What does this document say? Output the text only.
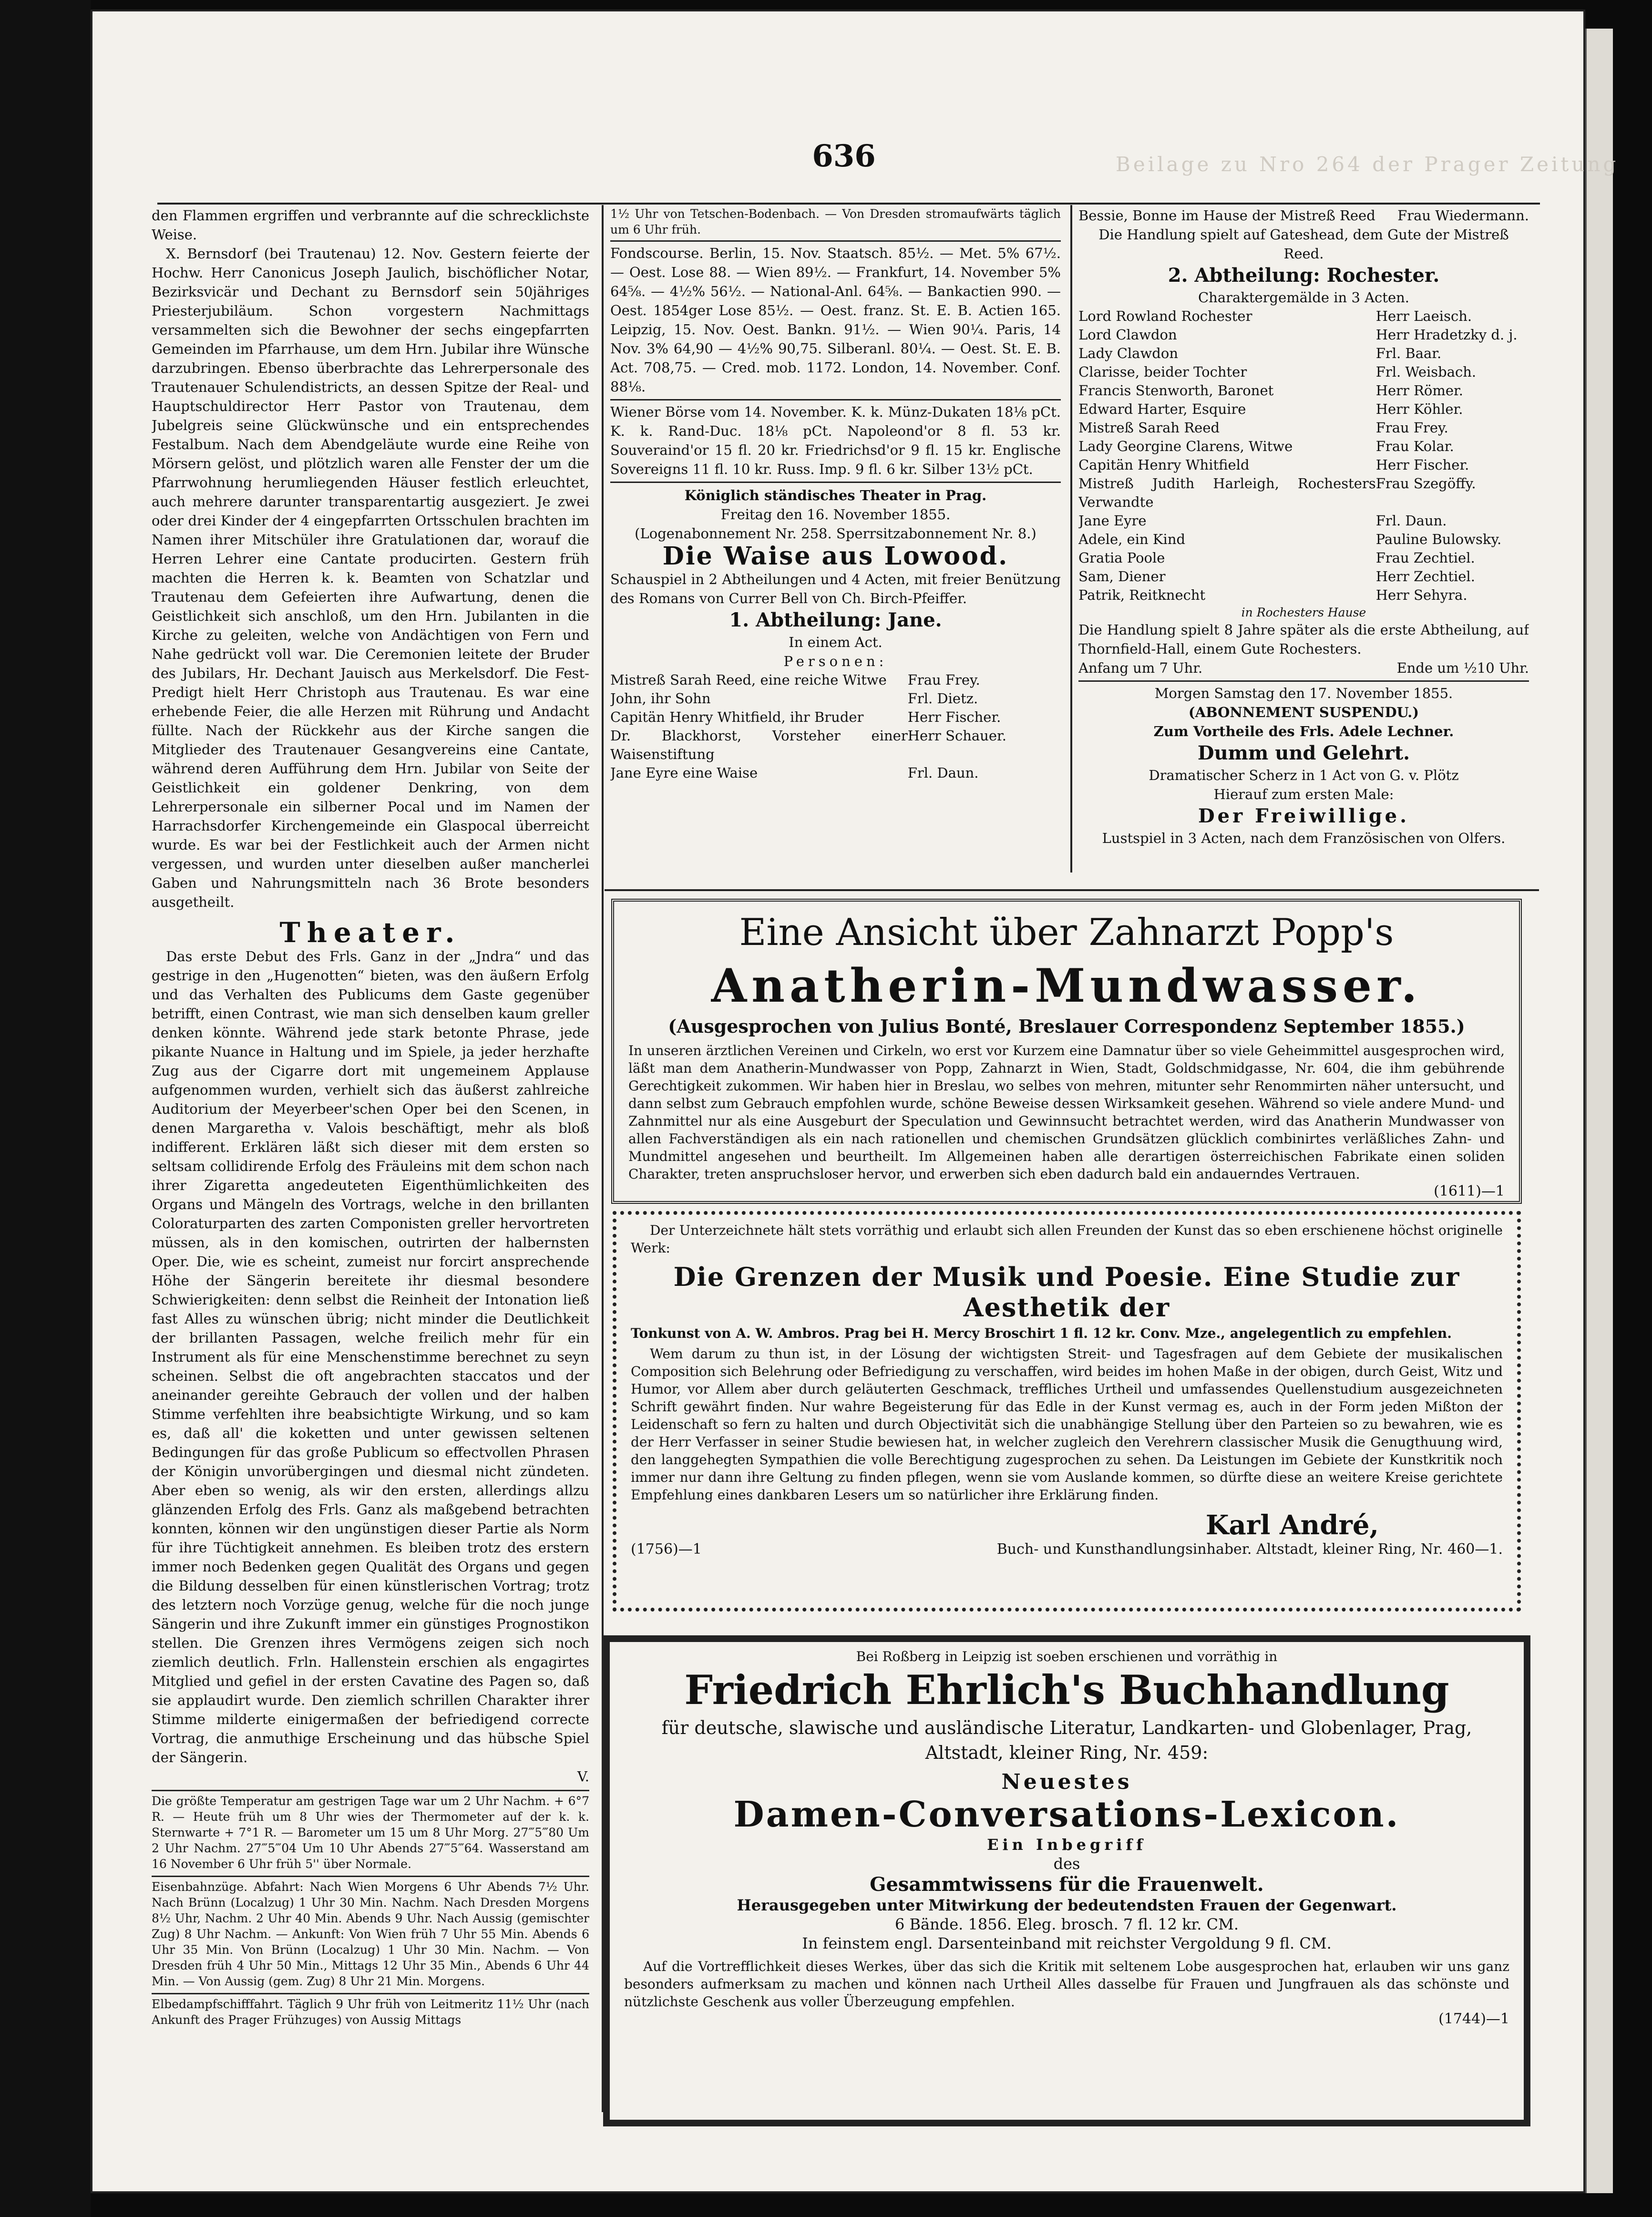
636	Beilage zu Nro 264 der Prager Zeitung

den Flammen ergriffen und verbrannte auf die schrecklichste Weise.

X. Bernsdorf (bei Trautenau) 12. Nov. Gestern feierte der Hochw. Herr Canonicus Joseph Jaulich, bischöflicher Notar, Bezirksvicär und Dechant zu Bernsdorf sein 50jähriges Priesterjubiläum. Schon vorgestern Nachmittags versammelten sich die Bewohner der sechs eingepfarrten Gemeinden im Pfarrhause, um dem Hrn. Jubilar ihre Wünsche darzubringen. Ebenso überbrachte das Lehrerpersonale des Trautenauer Schulendistricts, an dessen Spitze der Real- und Hauptschuldirector Herr Pastor von Trautenau, dem Jubelgreis seine Glückwünsche und ein entsprechendes Festalbum. Nach dem Abendgeläute wurde eine Reihe von Mörsern gelöst, und plötzlich waren alle Fenster der um die Pfarrwohnung herumliegenden Häuser festlich erleuchtet, auch mehrere darunter transparentartig ausgeziert. Je zwei oder drei Kinder der 4 eingepfarrten Ortsschulen brachten im Namen ihrer Mitschüler ihre Gratulationen dar, worauf die Herren Lehrer eine Cantate producirten. Gestern früh machten die Herren k. k. Beamten von Schatzlar und Trautenau dem Gefeierten ihre Aufwartung, denen die Geistlichkeit sich anschloß, um den Hrn. Jubilanten in die Kirche zu geleiten, welche von Andächtigen von Fern und Nahe gedrückt voll war. Die Ceremonien leitete der Bruder des Jubilars, Hr. Dechant Jauisch aus Merkelsdorf. Die Fest-Predigt hielt Herr Christoph aus Trautenau. Es war eine erhebende Feier, die alle Herzen mit Rührung und Andacht füllte. Nach der Rückkehr aus der Kirche sangen die Mitglieder des Trautenauer Gesangvereins eine Cantate, während deren Aufführung dem Hrn. Jubilar von Seite der Geistlichkeit ein goldener Denkring, von dem Lehrerpersonale ein silberner Pocal und im Namen der Harrachsdorfer Kirchengemeinde ein Glaspocal überreicht wurde. Es war bei der Festlichkeit auch der Armen nicht vergessen, und wurden unter dieselben außer mancherlei Gaben und Nahrungsmitteln nach 36 Brote besonders ausgetheilt.

Theater.

Das erste Debut des Frls. Ganz in der „Jndra“ und das gestrige in den „Hugenotten“ bieten, was den äußern Erfolg und das Verhalten des Publicums dem Gaste gegenüber betrifft, einen Contrast, wie man sich denselben kaum greller denken könnte. Während jede stark betonte Phrase, jede pikante Nuance in Haltung und im Spiele, ja jeder herzhafte Zug aus der Cigarre dort mit ungemeinem Applause aufgenommen wurden, verhielt sich das äußerst zahlreiche Auditorium der Meyerbeer'schen Oper bei den Scenen, in denen Margaretha v. Valois beschäftigt, mehr als bloß indifferent. Erklären läßt sich dieser mit dem ersten so seltsam collidirende Erfolg des Fräuleins mit dem schon nach ihrer Zigaretta angedeuteten Eigenthümlichkeiten des Organs und Mängeln des Vortrags, welche in den brillanten Coloraturparten des zarten Componisten greller hervortreten müssen, als in den komischen, outrirten der halbernsten Oper. Die, wie es scheint, zumeist nur forcirt ansprechende Höhe der Sängerin bereitete ihr diesmal besondere Schwierigkeiten: denn selbst die Reinheit der Intonation ließ fast Alles zu wünschen übrig; nicht minder die Deutlichkeit der brillanten Passagen, welche freilich mehr für ein Instrument als für eine Menschenstimme berechnet zu seyn scheinen. Selbst die oft angebrachten staccatos und der aneinander gereihte Gebrauch der vollen und der halben Stimme verfehlten ihre beabsichtigte Wirkung, und so kam es, daß all' die koketten und unter gewissen seltenen Bedingungen für das große Publicum so effectvollen Phrasen der Königin unvorübergingen und diesmal nicht zündeten. Aber eben so wenig, als wir den ersten, allerdings allzu glänzenden Erfolg des Frls. Ganz als maßgebend betrachten konnten, können wir den ungünstigen dieser Partie als Norm für ihre Tüchtigkeit annehmen. Es bleiben trotz des erstern immer noch Bedenken gegen Qualität des Organs und gegen die Bildung desselben für einen künstlerischen Vortrag; trotz des letztern noch Vorzüge genug, welche für die noch junge Sängerin und ihre Zukunft immer ein günstiges Prognostikon stellen. Die Grenzen ihres Vermögens zeigen sich noch ziemlich deutlich. Frln. Hallenstein erschien als engagirtes Mitglied und gefiel in der ersten Cavatine des Pagen so, daß sie applaudirt wurde. Den ziemlich schrillen Charakter ihrer Stimme milderte einigermaßen der befriedigend correcte Vortrag, die anmuthige Erscheinung und das hübsche Spiel der Sängerin.

V.

Die größte Temperatur am gestrigen Tage war um 2 Uhr Nachm. + 6°7 R. — Heute früh um 8 Uhr wies der Thermometer auf der k. k. Sternwarte + 7°1 R. — Barometer um 15 um 8 Uhr Morg. 27‴5‴80 Um 2 Uhr Nachm. 27‴5‴04 Um 10 Uhr Abends 27‴5‴64. Wasserstand am 16 November 6 Uhr früh 5'' über Normale.
Eisenbahnzüge. Abfahrt: Nach Wien Morgens 6 Uhr Abends 7½ Uhr. Nach Brünn (Localzug) 1 Uhr 30 Min. Nachm. Nach Dresden Morgens 8½ Uhr, Nachm. 2 Uhr 40 Min. Abends 9 Uhr. Nach Aussig (gemischter Zug) 8 Uhr Nachm. — Ankunft: Von Wien früh 7 Uhr 55 Min. Abends 6 Uhr 35 Min. Von Brünn (Localzug) 1 Uhr 30 Min. Nachm. — Von Dresden früh 4 Uhr 50 Min., Mittags 12 Uhr 35 Min., Abends 6 Uhr 44 Min. — Von Aussig (gem. Zug) 8 Uhr 21 Min. Morgens.
Elbedampfschifffahrt. Täglich 9 Uhr früh von Leitmeritz 11½ Uhr (nach Ankunft des Prager Frühzuges) von Aussig Mittags
1½ Uhr von Tetschen-Bodenbach. — Von Dresden stromaufwärts täglich um 6 Uhr früh.
Fondscourse. Berlin, 15. Nov. Staatsch. 85½. — Met. 5% 67½. — Oest. Lose 88. — Wien 89½. — Frankfurt, 14. November 5% 64⅝. — 4½% 56½. — National-Anl. 64⅝. — Bankactien 990. — Oest. 1854ger Lose 85½. — Oest. franz. St. E. B. Actien 165. Leipzig, 15. Nov. Oest. Bankn. 91½. — Wien 90¼. Paris, 14 Nov. 3% 64,90 — 4½% 90,75. Silberanl. 80¼. — Oest. St. E. B. Act. 708,75. — Cred. mob. 1172. London, 14. November. Conf. 88⅛.
Wiener Börse vom 14. November. K. k. Münz-Dukaten 18⅛ pCt. K. k. Rand-Duc. 18⅛ pCt. Napoleond'or 8 fl. 53 kr. Souveraind'or 15 fl. 20 kr. Friedrichsd'or 9 fl. 15 kr. Englische Sovereigns 11 fl. 10 kr. Russ. Imp. 9 fl. 6 kr. Silber 13½ pCt.
Königlich ständisches Theater in Prag.
Freitag den 16. November 1855.
(Logenabonnement Nr. 258. Sperrsitzabonnement Nr. 8.)
Die Waise aus Lowood.
Schauspiel in 2 Abtheilungen und 4 Acten, mit freier Benützung des Romans von Currer Bell von Ch. Birch-Pfeiffer.
1. Abtheilung: Jane.
In einem Act.
Personen:
Mistreß Sarah Reed, eine reiche Witwe	Frau Frey.
John, ihr Sohn	Frl. Dietz.
Capitän Henry Whitfield, ihr Bruder	Herr Fischer.
Dr. Blackhorst, Vorsteher einer Waisenstiftung	Herr Schauer.
Jane Eyre eine Waise	Frl. Daun.
Bessie, Bonne im Hause der Mistreß Reed Frau Wiedermann.
Die Handlung spielt auf Gateshead, dem Gute der Mistreß Reed.
2. Abtheilung: Rochester.
Charaktergemälde in 3 Acten.
Lord Rowland Rochester	Herr Laeisch.
Lord Clawdon	Herr Hradetzky d. j.
Lady Clawdon	Frl. Baar.
Clarisse, beider Tochter	Frl. Weisbach.
Francis Stenworth, Baronet	Herr Römer.
Edward Harter, Esquire	Herr Köhler.
Mistreß Sarah Reed	Frau Frey.
Lady Georgine Clarens, Witwe	Frau Kolar.
Capitän Henry Whitfield	Herr Fischer.
Mistreß Judith Harleigh, Rochesters Verwandte	Frau Szegöffy.
Jane Eyre	Frl. Daun.
Adele, ein Kind	Pauline Bulowsky.
Gratia Poole	Frau Zechtiel.
Sam, Diener	Herr Zechtiel.
Patrik, Reitknecht	Herr Sehyra.
in Rochesters Hause
Die Handlung spielt 8 Jahre später als die erste Abtheilung, auf Thornfield-Hall, einem Gute Rochesters.
Anfang um 7 Uhr.	Ende um ½10 Uhr.
Morgen Samstag den 17. November 1855.
(ABONNEMENT SUSPENDU.)
Zum Vortheile des Frls. Adele Lechner.
Dumm und Gelehrt.
Dramatischer Scherz in 1 Act von G. v. Plötz
Hierauf zum ersten Male:
Der Freiwillige.
Lustspiel in 3 Acten, nach dem Französischen von Olfers.
Eine Ansicht über Zahnarzt Popp's
Anatherin-Mundwasser.
(Ausgesprochen von Julius Bonté, Breslauer Correspondenz September 1855.)
In unseren ärztlichen Vereinen und Cirkeln, wo erst vor Kurzem eine Damnatur über so viele Geheimmittel ausgesprochen wird, läßt man dem Anatherin-Mundwasser von Popp, Zahnarzt in Wien, Stadt, Goldschmidgasse, Nr. 604, die ihm gebührende Gerechtigkeit zukommen. Wir haben hier in Breslau, wo selbes von mehren, mitunter sehr Renommirten näher untersucht, und dann selbst zum Gebrauch empfohlen wurde, schöne Beweise dessen Wirksamkeit gesehen. Während so viele andere Mund- und Zahnmittel nur als eine Ausgeburt der Speculation und Gewinnsucht betrachtet werden, wird das Anatherin Mundwasser von allen Fachverständigen als ein nach rationellen und chemischen Grundsätzen glücklich combinirtes verläßliches Zahn- und Mundmittel angesehen und beurtheilt. Im Allgemeinen haben alle derartigen österreichischen Fabrikate einen soliden Charakter, treten anspruchsloser hervor, und erwerben sich eben dadurch bald ein andauerndes Vertrauen.
(1611)—1
Der Unterzeichnete hält stets vorräthig und erlaubt sich allen Freunden der Kunst das so eben erschienene höchst originelle Werk:
Die Grenzen der Musik und Poesie. Eine Studie zur Aesthetik der
Tonkunst von A. W. Ambros. Prag bei H. Mercy Broschirt 1 fl. 12 kr. Conv. Mze., angelegentlich zu empfehlen.
Wem darum zu thun ist, in der Lösung der wichtigsten Streit- und Tagesfragen auf dem Gebiete der musikalischen Composition sich Belehrung oder Befriedigung zu verschaffen, wird beides im hohen Maße in der obigen, durch Geist, Witz und Humor, vor Allem aber durch geläuterten Geschmack, treffliches Urtheil und umfassendes Quellenstudium ausgezeichneten Schrift gewährt finden. Nur wahre Begeisterung für das Edle in der Kunst vermag es, auch in der Form jeden Mißton der Leidenschaft so fern zu halten und durch Objectivität sich die unabhängige Stellung über den Parteien so zu bewahren, wie es der Herr Verfasser in seiner Studie bewiesen hat, in welcher zugleich den Verehrern classischer Musik die Genugthuung wird, den langgehegten Sympathien die volle Berechtigung zugesprochen zu sehen. Da Leistungen im Gebiete der Kunstkritik noch immer nur dann ihre Geltung zu finden pflegen, wenn sie vom Auslande kommen, so dürfte diese an weitere Kreise gerichtete Empfehlung eines dankbaren Lesers um so natürlicher ihre Erklärung finden.
Karl André,
(1756)—1	Buch- und Kunsthandlungsinhaber. Altstadt, kleiner Ring, Nr. 460—1.
Bei Roßberg in Leipzig ist soeben erschienen und vorräthig in
Friedrich Ehrlich's Buchhandlung
für deutsche, slawische und ausländische Literatur, Landkarten- und Globenlager, Prag, Altstadt, kleiner Ring, Nr. 459:
Neuestes
Damen-Conversations-Lexicon.
Ein Inbegriff
des
Gesammtwissens für die Frauenwelt.
Herausgegeben unter Mitwirkung der bedeutendsten Frauen der Gegenwart.
6 Bände. 1856. Eleg. brosch. 7 fl. 12 kr. CM.
In feinstem engl. Darsenteinband mit reichster Vergoldung 9 fl. CM.
Auf die Vortrefflichkeit dieses Werkes, über das sich die Kritik mit seltenem Lobe ausgesprochen hat, erlauben wir uns ganz besonders aufmerksam zu machen und können nach Urtheil Alles dasselbe für Frauen und Jungfrauen als das schönste und nützlichste Geschenk aus voller Überzeugung empfehlen.
(1744)—1
